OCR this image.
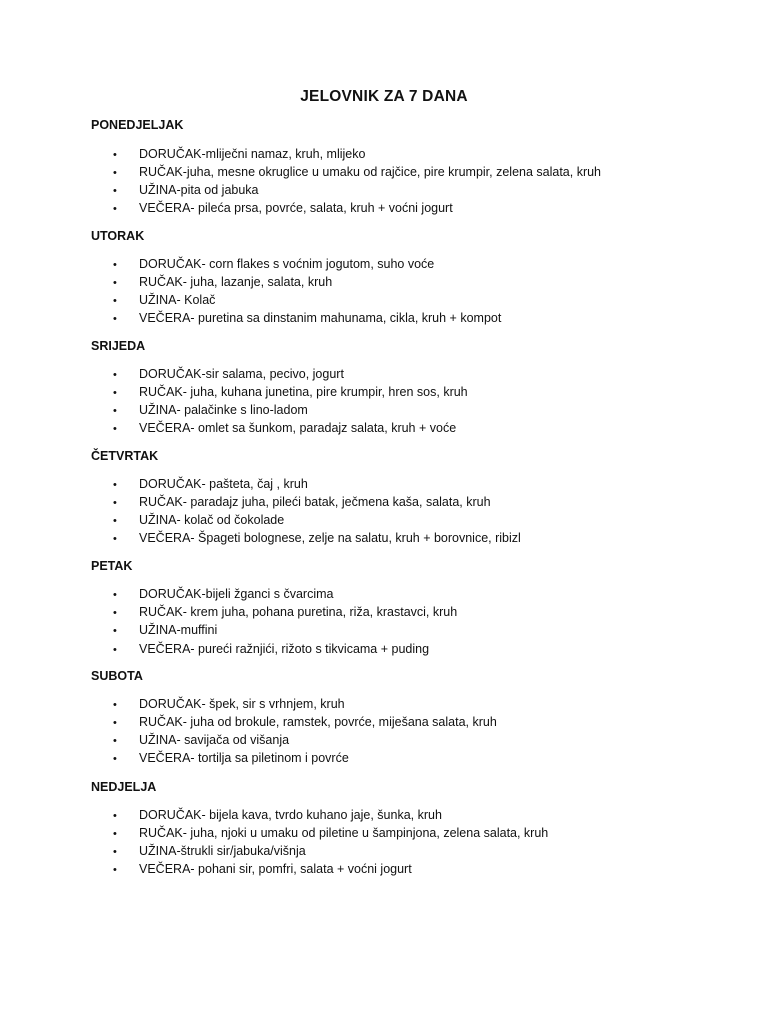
JELOVNIK ZA 7 DANA
PONEDJELJAK
• DORUČAK-mliječni namaz, kruh, mlijeko
• RUČAK-juha, mesne okruglice u umaku od rajčice, pire krumpir, zelena salata, kruh
• UŽINA-pita od jabuka
• VEČERA- pileća prsa, povrće, salata, kruh + voćni jogurt
UTORAK
• DORUČAK- corn flakes s voćnim jogutom, suho voće
• RUČAK- juha, lazanje, salata, kruh
• UŽINA- Kolač
• VEČERA- puretina sa dinstanim mahunama, cikla, kruh + kompot
SRIJEDA
• DORUČAK-sir salama, pecivo, jogurt
• RUČAK- juha, kuhana junetina, pire krumpir, hren sos, kruh
• UŽINA- palačinke s lino-ladom
• VEČERA- omlet sa šunkom, paradajz salata, kruh + voće
ČETVRTAK
• DORUČAK- pašteta, čaj , kruh
• RUČAK- paradajz juha, pileći batak, ječmena kaša, salata, kruh
• UŽINA- kolač od čokolade
• VEČERA- Špageti bolognese, zelje na salatu, kruh + borovnice, ribizl
PETAK
• DORUČAK-bijeli žganci s čvarcima
• RUČAK- krem juha, pohana puretina, riža, krastavci, kruh
• UŽINA-muffini
• VEČERA- pureći ražnjići, rižoto s tikvicama + puding
SUBOTA
• DORUČAK- špek, sir s vrhnjem, kruh
• RUČAK- juha od brokule, ramstek, povrće, miješana salata, kruh
• UŽINA- savijača od višanja
• VEČERA- tortilja sa piletinom i povrće
NEDJELJA
• DORUČAK- bijela kava, tvrdo kuhano jaje, šunka, kruh
• RUČAK- juha, njoki u umaku od piletine u šampinjona, zelena salata, kruh
• UŽINA-štrukli sir/jabuka/višnja
• VEČERA- pohani sir, pomfri, salata + voćni jogurt
